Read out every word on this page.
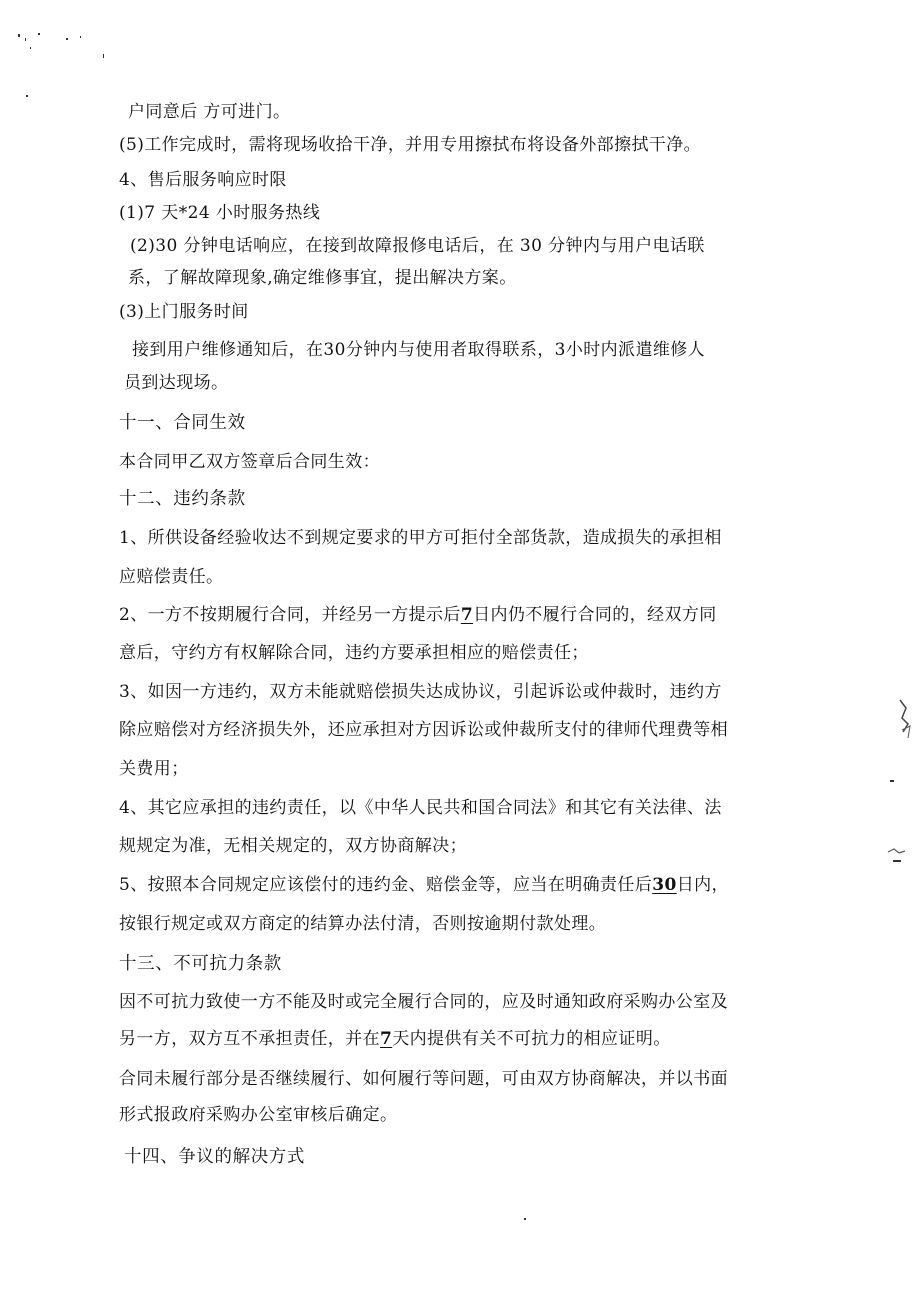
户同意后 方可进门。
(5)工作完成时，需将现场收拾干净，并用专用擦拭布将设备外部擦拭干净。
4、售后服务响应时限
(1)7 天*24 小时服务热线
(2)30 分钟电话响应，在接到故障报修电话后，在 30 分钟内与用户电话联
系，了解故障现象,确定维修事宜，提出解决方案。
(3)上门服务时间
接到用户维修通知后，在30分钟内与使用者取得联系，3小时内派遣维修人
员到达现场。
十一、合同生效
本合同甲乙双方签章后合同生效：
十二、违约条款
1、所供设备经验收达不到规定要求的甲方可拒付全部货款，造成损失的承担相
应赔偿责任。
2、一方不按期履行合同，并经另一方提示后7日内仍不履行合同的，经双方同
意后，守约方有权解除合同，违约方要承担相应的赔偿责任；
3、如因一方违约，双方未能就赔偿损失达成协议，引起诉讼或仲裁时，违约方
除应赔偿对方经济损失外，还应承担对方因诉讼或仲裁所支付的律师代理费等相
关费用；
4、其它应承担的违约责任，以《中华人民共和国合同法》和其它有关法律、法
规规定为准，无相关规定的，双方协商解决；
5、按照本合同规定应该偿付的违约金、赔偿金等，应当在明确责任后30日内，
按银行规定或双方商定的结算办法付清，否则按逾期付款处理。
十三、不可抗力条款
因不可抗力致使一方不能及时或完全履行合同的，应及时通知政府采购办公室及
另一方，双方互不承担责任，并在7天内提供有关不可抗力的相应证明。
合同未履行部分是否继续履行、如何履行等问题，可由双方协商解决，并以书面
形式报政府采购办公室审核后确定。
十四、争议的解决方式
